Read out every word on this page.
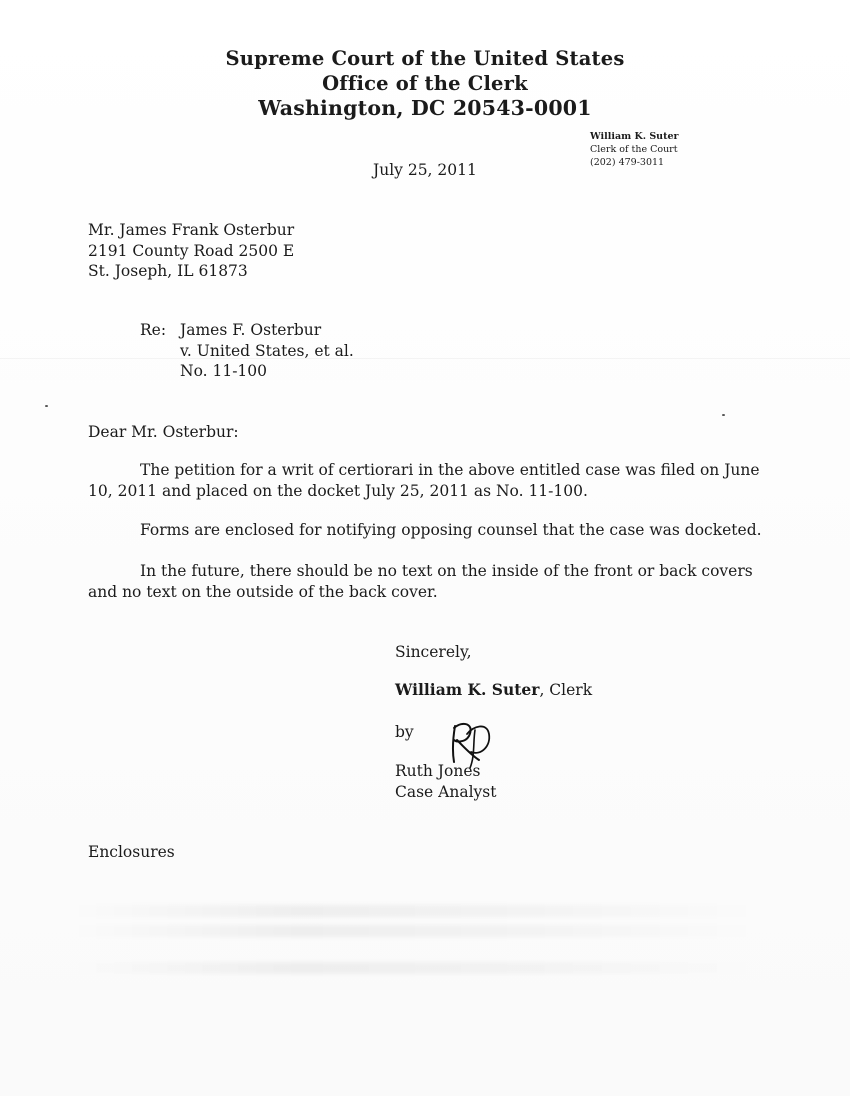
Supreme Court of the United States
Office of the Clerk
Washington, DC 20543-0001
William K. Suter
Clerk of the Court
(202) 479-3011
July 25, 2011
Mr. James Frank Osterbur
2191 County Road 2500 E
St. Joseph, IL 61873
Re: James F. Osterbur
v. United States, et al.
No. 11-100
Dear Mr. Osterbur:
The petition for a writ of certiorari in the above entitled case was filed on June
10, 2011 and placed on the docket July 25, 2011 as No. 11-100.
Forms are enclosed for notifying opposing counsel that the case was docketed.
In the future, there should be no text on the inside of the front or back covers
and no text on the outside of the back cover.
Sincerely,
William K. Suter, Clerk
by
Ruth Jones
Case Analyst
Enclosures
